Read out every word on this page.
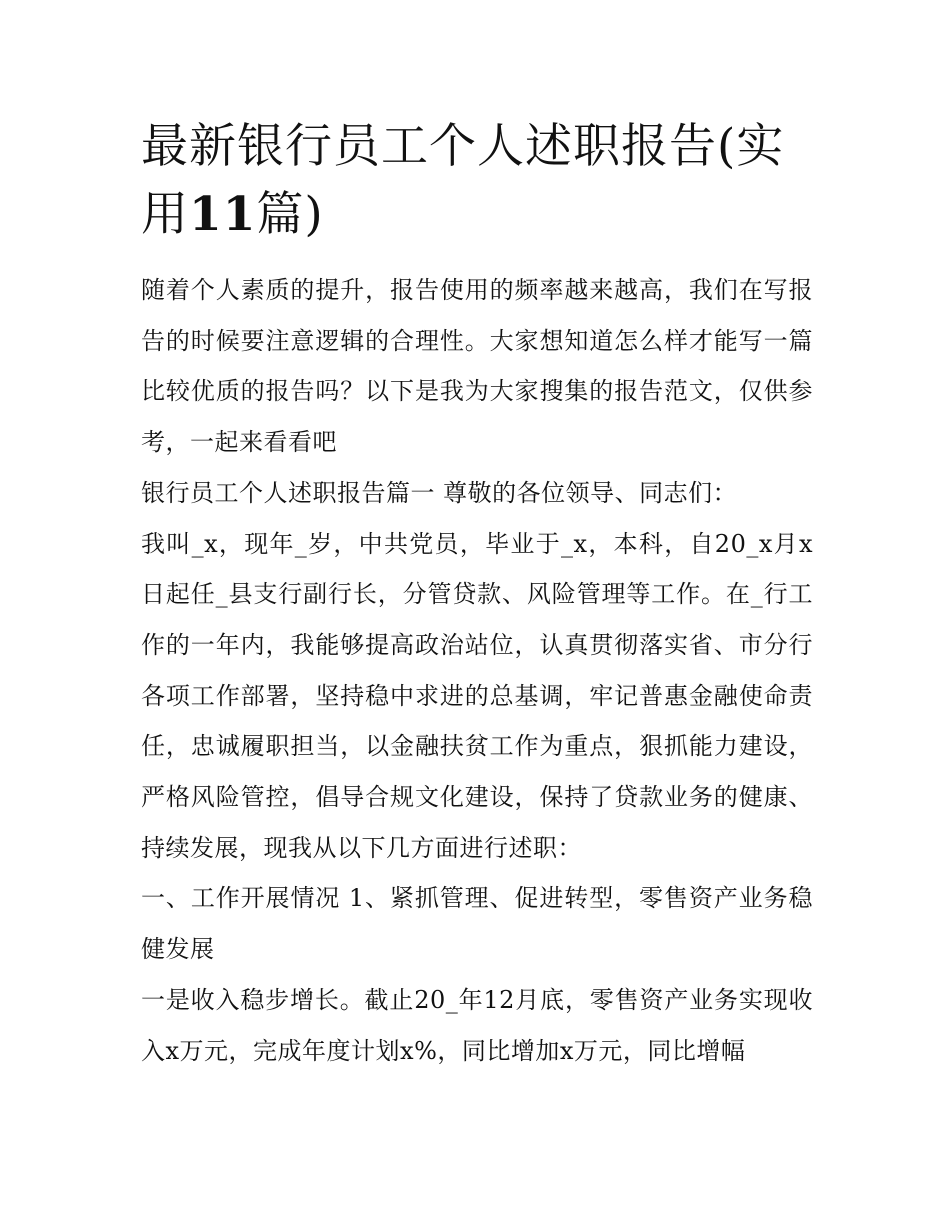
最新银行员工个人述职报告(实用11篇)

随着个人素质的提升，报告使用的频率越来越高，我们在写报告的时候要注意逻辑的合理性。大家想知道怎么样才能写一篇比较优质的报告吗？以下是我为大家搜集的报告范文，仅供参考，一起来看看吧

银行员工个人述职报告篇一 尊敬的各位领导、同志们：

我叫_x，现年_岁，中共党员，毕业于_x，本科，自20_x月x日起任_县支行副行长，分管贷款、风险管理等工作。在_行工作的一年内，我能够提高政治站位，认真贯彻落实省、市分行各项工作部署，坚持稳中求进的总基调，牢记普惠金融使命责任，忠诚履职担当，以金融扶贫工作为重点，狠抓能力建设，严格风险管控，倡导合规文化建设，保持了贷款业务的健康、持续发展，现我从以下几方面进行述职：

一、工作开展情况 1、紧抓管理、促进转型，零售资产业务稳健发展

一是收入稳步增长。截止20_年12月底，零售资产业务实现收入x万元，完成年度计划x%，同比增加x万元，同比增幅
